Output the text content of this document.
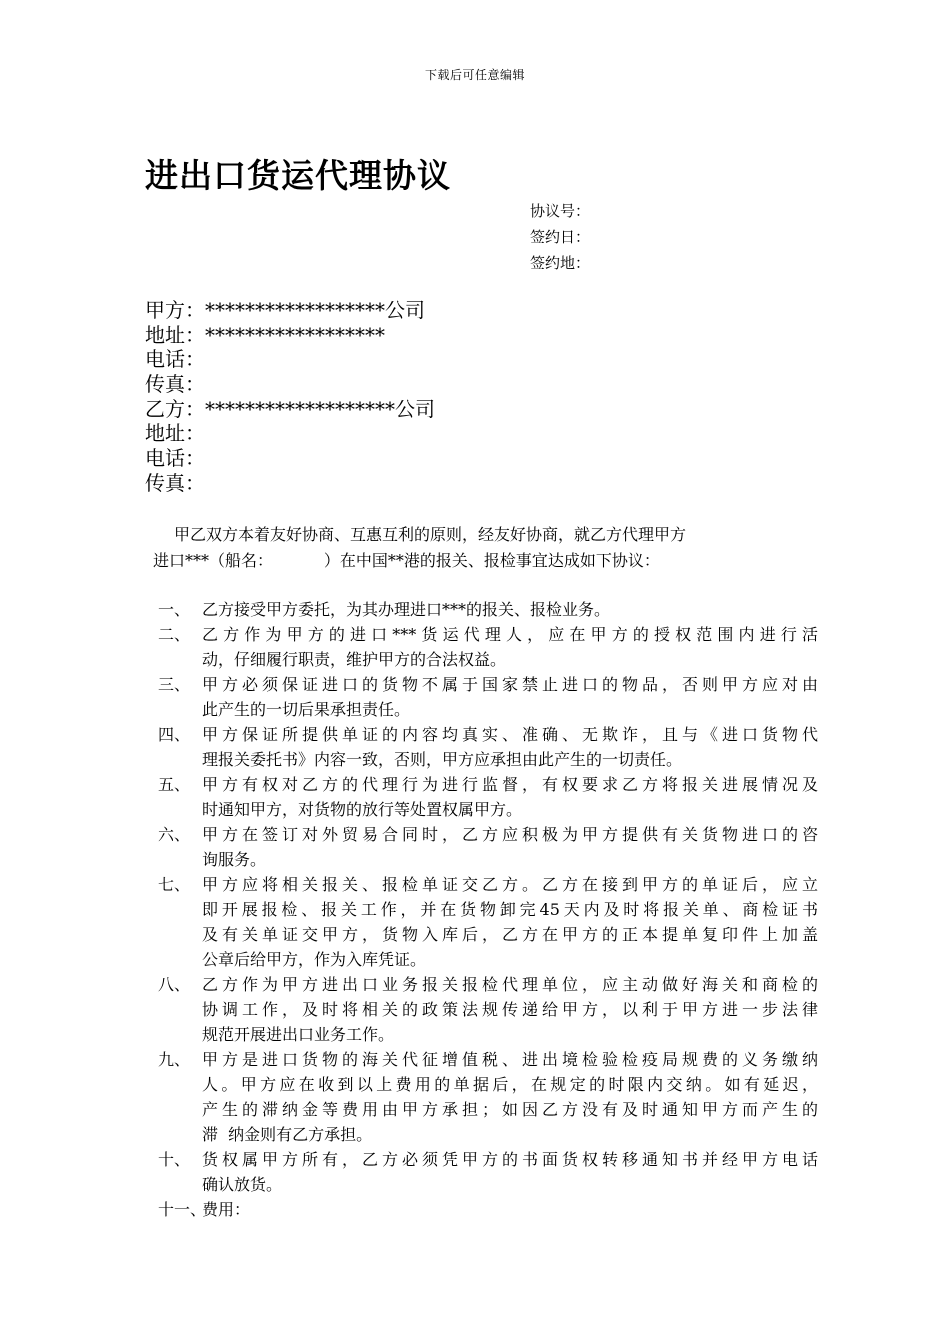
下载后可任意编辑
进出口货运代理协议
协议号：
签约日：
签约地：
甲方：******************公司
地址：******************
电话：
传真：
乙方：*******************公司
地址：
电话：
传真：
甲乙双方本着友好协商、互惠互利的原则，经友好协商，就乙方代理甲方
进口***（船名：          ）在中国**港的报关、报检事宜达成如下协议：
一、 乙方接受甲方委托，为其办理进口***的报关、报检业务。
二、 乙方作为甲方的进口***货运代理人，应在甲方的授权范围内进行活
动，仔细履行职责，维护甲方的合法权益。
三、 甲方必须保证进口的货物不属于国家禁止进口的物品，否则甲方应对由
此产生的一切后果承担责任。
四、 甲方保证所提供单证的内容均真实、准确、无欺诈，且与《进口货物代
理报关委托书》内容一致，否则，甲方应承担由此产生的一切责任。
五、 甲方有权对乙方的代理行为进行监督，有权要求乙方将报关进展情况及
时通知甲方，对货物的放行等处置权属甲方。
六、 甲方在签订对外贸易合同时，乙方应积极为甲方提供有关货物进口的咨
询服务。
七、 甲方应将相关报关、报检单证交乙方。乙方在接到甲方的单证后，应立
即开展报检、报关工作，并在货物卸完45天内及时将报关单、商检证书
及有关单证交甲方，货物入库后，乙方在甲方的正本提单复印件上加盖
公章后给甲方，作为入库凭证。
八、 乙方作为甲方进出口业务报关报检代理单位，应主动做好海关和商检的
协调工作，及时将相关的政策法规传递给甲方，以利于甲方进一步法律
规范开展进出口业务工作。
九、 甲方是进口货物的海关代征增值税、进出境检验检疫局规费的义务缴纳
人。甲方应在收到以上费用的单据后，在规定的时限内交纳。如有延迟，
产生的滞纳金等费用由甲方承担；如因乙方没有及时通知甲方而产生的
滞  纳金则有乙方承担。
十、 货权属甲方所有，乙方必须凭甲方的书面货权转移通知书并经甲方电话
确认放货。
十一、
费用：
